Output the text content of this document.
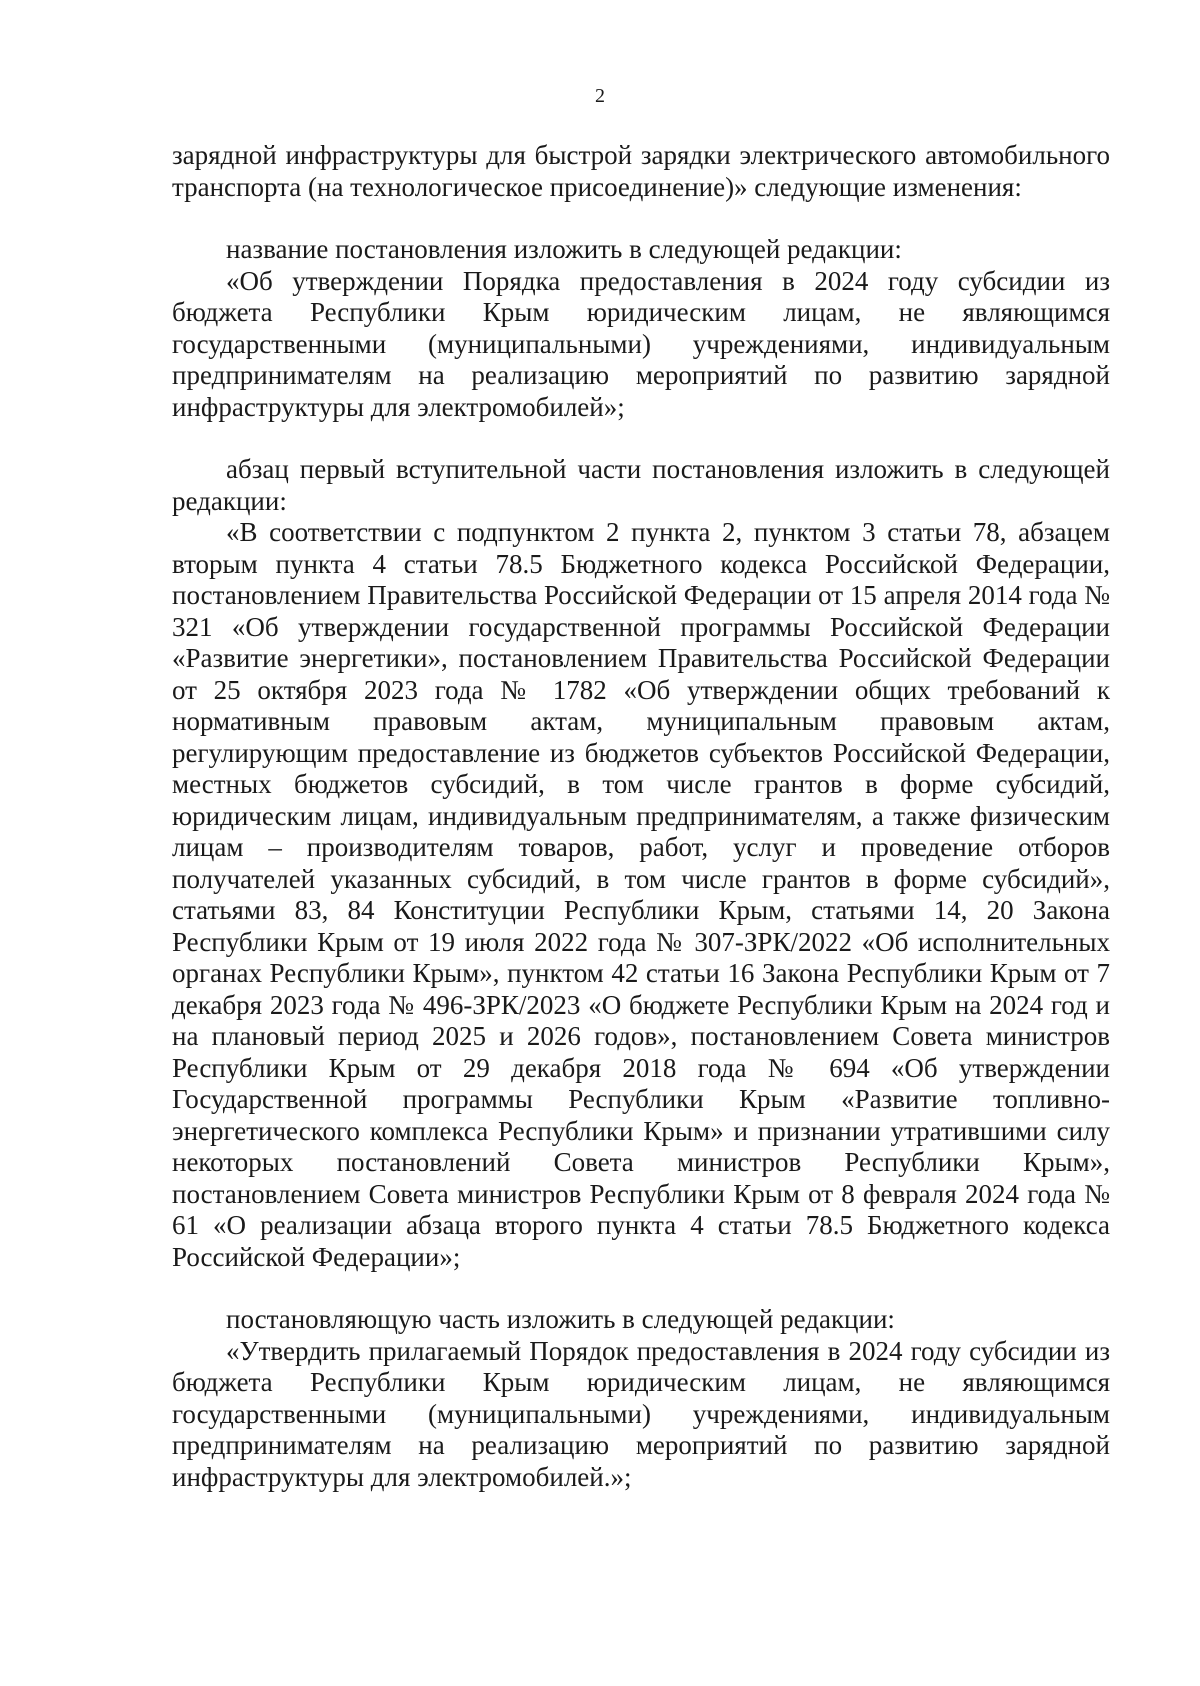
2

зарядной инфраструктуры для быстрой зарядки электрического автомобильного транспорта (на технологическое присоединение)» следующие изменения:

название постановления изложить в следующей редакции:

«Об утверждении Порядка предоставления в 2024 году субсидии из бюджета Республики Крым юридическим лицам, не являющимся государственными (муниципальными) учреждениями, индивидуальным предпринимателям на реализацию мероприятий по развитию зарядной инфраструктуры для электромобилей»;

абзац первый вступительной части постановления изложить в следующей редакции:

«В соответствии с подпунктом 2 пункта 2, пунктом 3 статьи 78, абзацем вторым пункта 4 статьи 78.5 Бюджетного кодекса Российской Федерации, постановлением Правительства Российской Федерации от 15 апреля 2014 года № 321 «Об утверждении государственной программы Российской Федерации «Развитие энергетики», постановлением Правительства Российской Федерации от 25 октября 2023 года № 1782 «Об утверждении общих требований к нормативным правовым актам, муниципальным правовым актам, регулирующим предоставление из бюджетов субъектов Российской Федерации, местных бюджетов субсидий, в том числе грантов в форме субсидий, юридическим лицам, индивидуальным предпринимателям, а также физическим лицам – производителям товаров, работ, услуг и проведение отборов получателей указанных субсидий, в том числе грантов в форме субсидий», статьями 83, 84 Конституции Республики Крым, статьями 14, 20 Закона Республики Крым от 19 июля 2022 года № 307-ЗРК/2022 «Об исполнительных органах Республики Крым», пунктом 42 статьи 16 Закона Республики Крым от 7 декабря 2023 года № 496-ЗРК/2023 «О бюджете Республики Крым на 2024 год и на плановый период 2025 и 2026 годов», постановлением Совета министров Республики Крым от 29 декабря 2018 года № 694 «Об утверждении Государственной программы Республики Крым «Развитие топливно-энергетического комплекса Республики Крым» и признании утратившими силу некоторых постановлений Совета министров Республики Крым», постановлением Совета министров Республики Крым от 8 февраля 2024 года № 61 «О реализации абзаца второго пункта 4 статьи 78.5 Бюджетного кодекса Российской Федерации»;

постановляющую часть изложить в следующей редакции:

«Утвердить прилагаемый Порядок предоставления в 2024 году субсидии из бюджета Республики Крым юридическим лицам, не являющимся государственными (муниципальными) учреждениями, индивидуальным предпринимателям на реализацию мероприятий по развитию зарядной инфраструктуры для электромобилей.»;
